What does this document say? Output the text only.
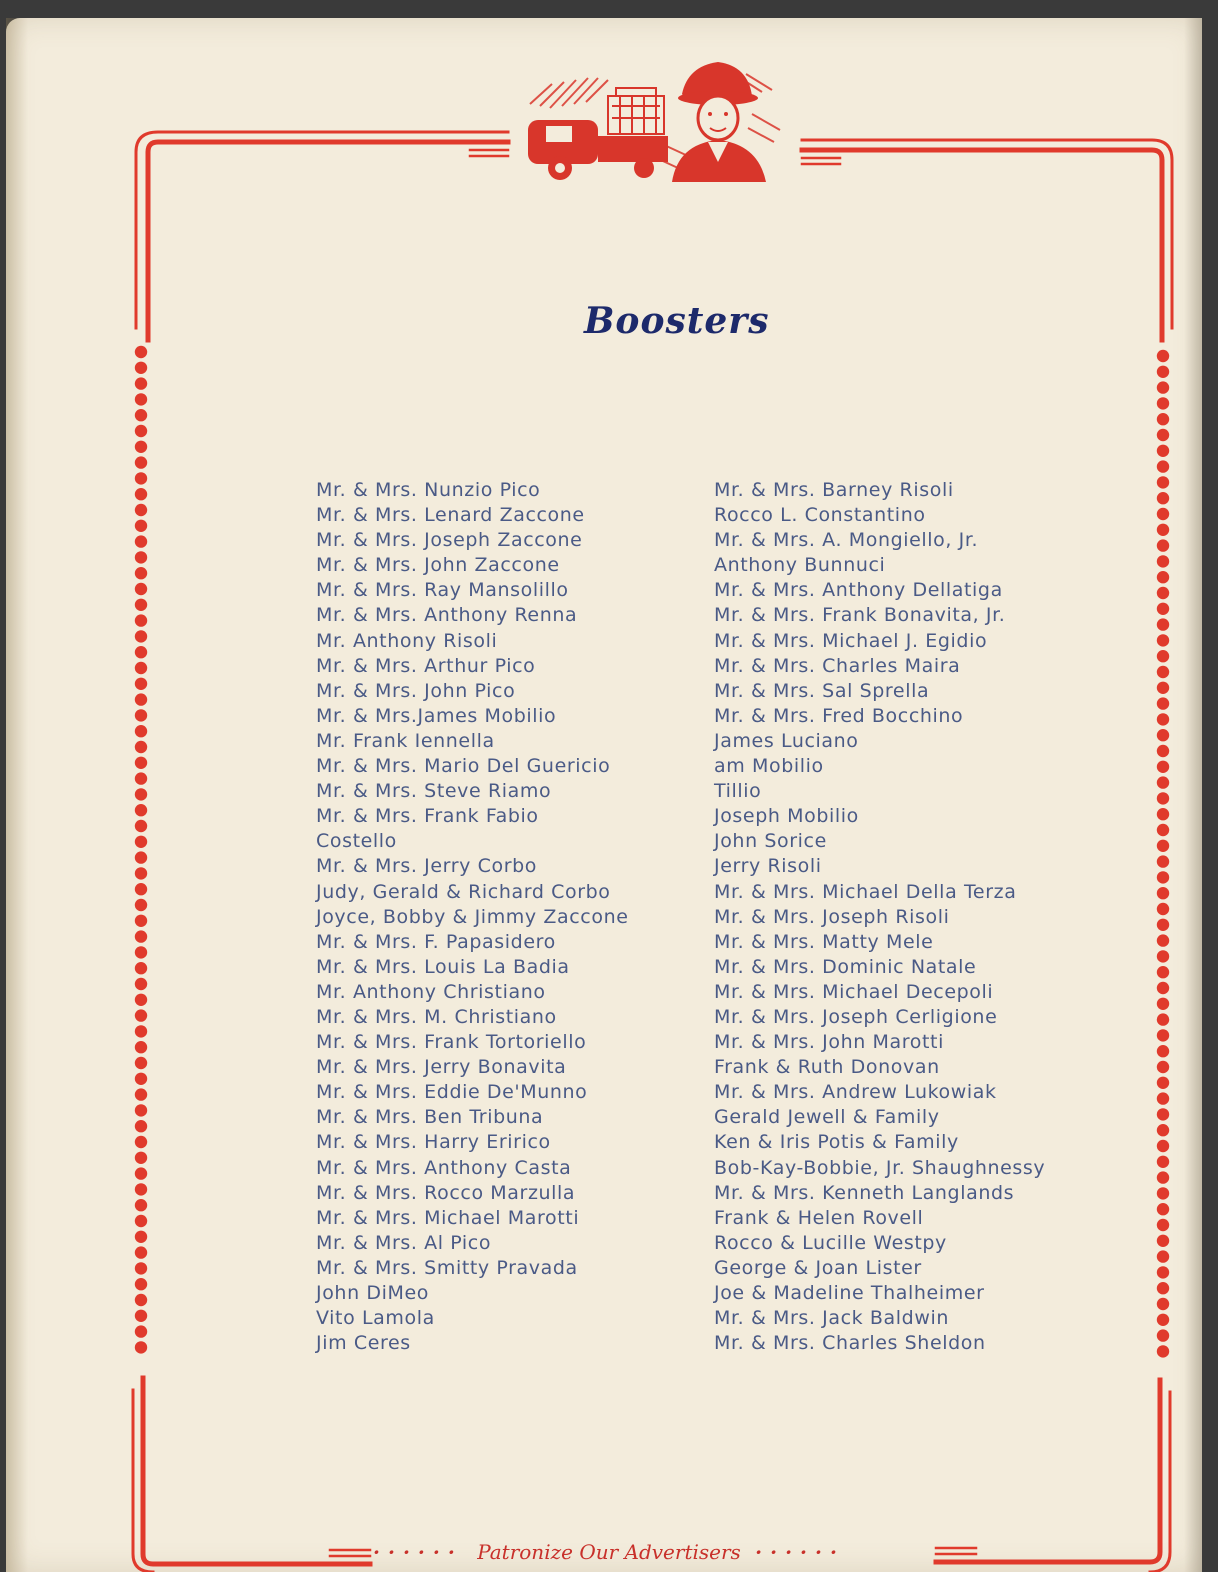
Boosters
Mr. & Mrs. Nunzio Pico
Mr. & Mrs. Lenard Zaccone
Mr. & Mrs. Joseph Zaccone
Mr. & Mrs. John Zaccone
Mr. & Mrs. Ray Mansolillo
Mr. & Mrs. Anthony Renna
Mr. Anthony Risoli
Mr. & Mrs. Arthur Pico
Mr. & Mrs. John Pico
Mr. & Mrs.James Mobilio
Mr. Frank Iennella
Mr. & Mrs. Mario Del Guericio
Mr. & Mrs. Steve Riamo
Mr. & Mrs. Frank Fabio
Costello
Mr. & Mrs. Jerry Corbo
Judy, Gerald & Richard Corbo
Joyce, Bobby & Jimmy Zaccone
Mr. & Mrs. F. Papasidero
Mr. & Mrs. Louis La Badia
Mr. Anthony Christiano
Mr. & Mrs. M. Christiano
Mr. & Mrs. Frank Tortoriello
Mr. & Mrs. Jerry Bonavita
Mr. & Mrs. Eddie De'Munno
Mr. & Mrs. Ben Tribuna
Mr. & Mrs. Harry Eririco
Mr. & Mrs. Anthony Casta
Mr. & Mrs. Rocco Marzulla
Mr. & Mrs. Michael Marotti
Mr. & Mrs. Al Pico
Mr. & Mrs. Smitty Pravada
John DiMeo
Vito Lamola
Jim Ceres
Mr. & Mrs. Barney Risoli
Rocco L. Constantino
Mr. & Mrs. A. Mongiello, Jr.
Anthony Bunnuci
Mr. & Mrs. Anthony Dellatiga
Mr. & Mrs. Frank Bonavita, Jr.
Mr. & Mrs. Michael J. Egidio
Mr. & Mrs. Charles Maira
Mr. & Mrs. Sal Sprella
Mr. & Mrs. Fred Bocchino
James Luciano
am Mobilio
Tillio
Joseph Mobilio
John Sorice
Jerry Risoli
Mr. & Mrs. Michael Della Terza
Mr. & Mrs. Joseph Risoli
Mr. & Mrs. Matty Mele
Mr. & Mrs. Dominic Natale
Mr. & Mrs. Michael Decepoli
Mr. & Mrs. Joseph Cerligione
Mr. & Mrs. John Marotti
Frank & Ruth Donovan
Mr. & Mrs. Andrew Lukowiak
Gerald Jewell & Family
Ken & Iris Potis & Family
Bob-Kay-Bobbie, Jr. Shaughnessy
Mr. & Mrs. Kenneth Langlands
Frank & Helen Rovell
Rocco & Lucille Westpy
George & Joan Lister
Joe & Madeline Thalheimer
Mr. & Mrs. Jack Baldwin
Mr. & Mrs. Charles Sheldon
······ Patronize Our Advertisers ······
